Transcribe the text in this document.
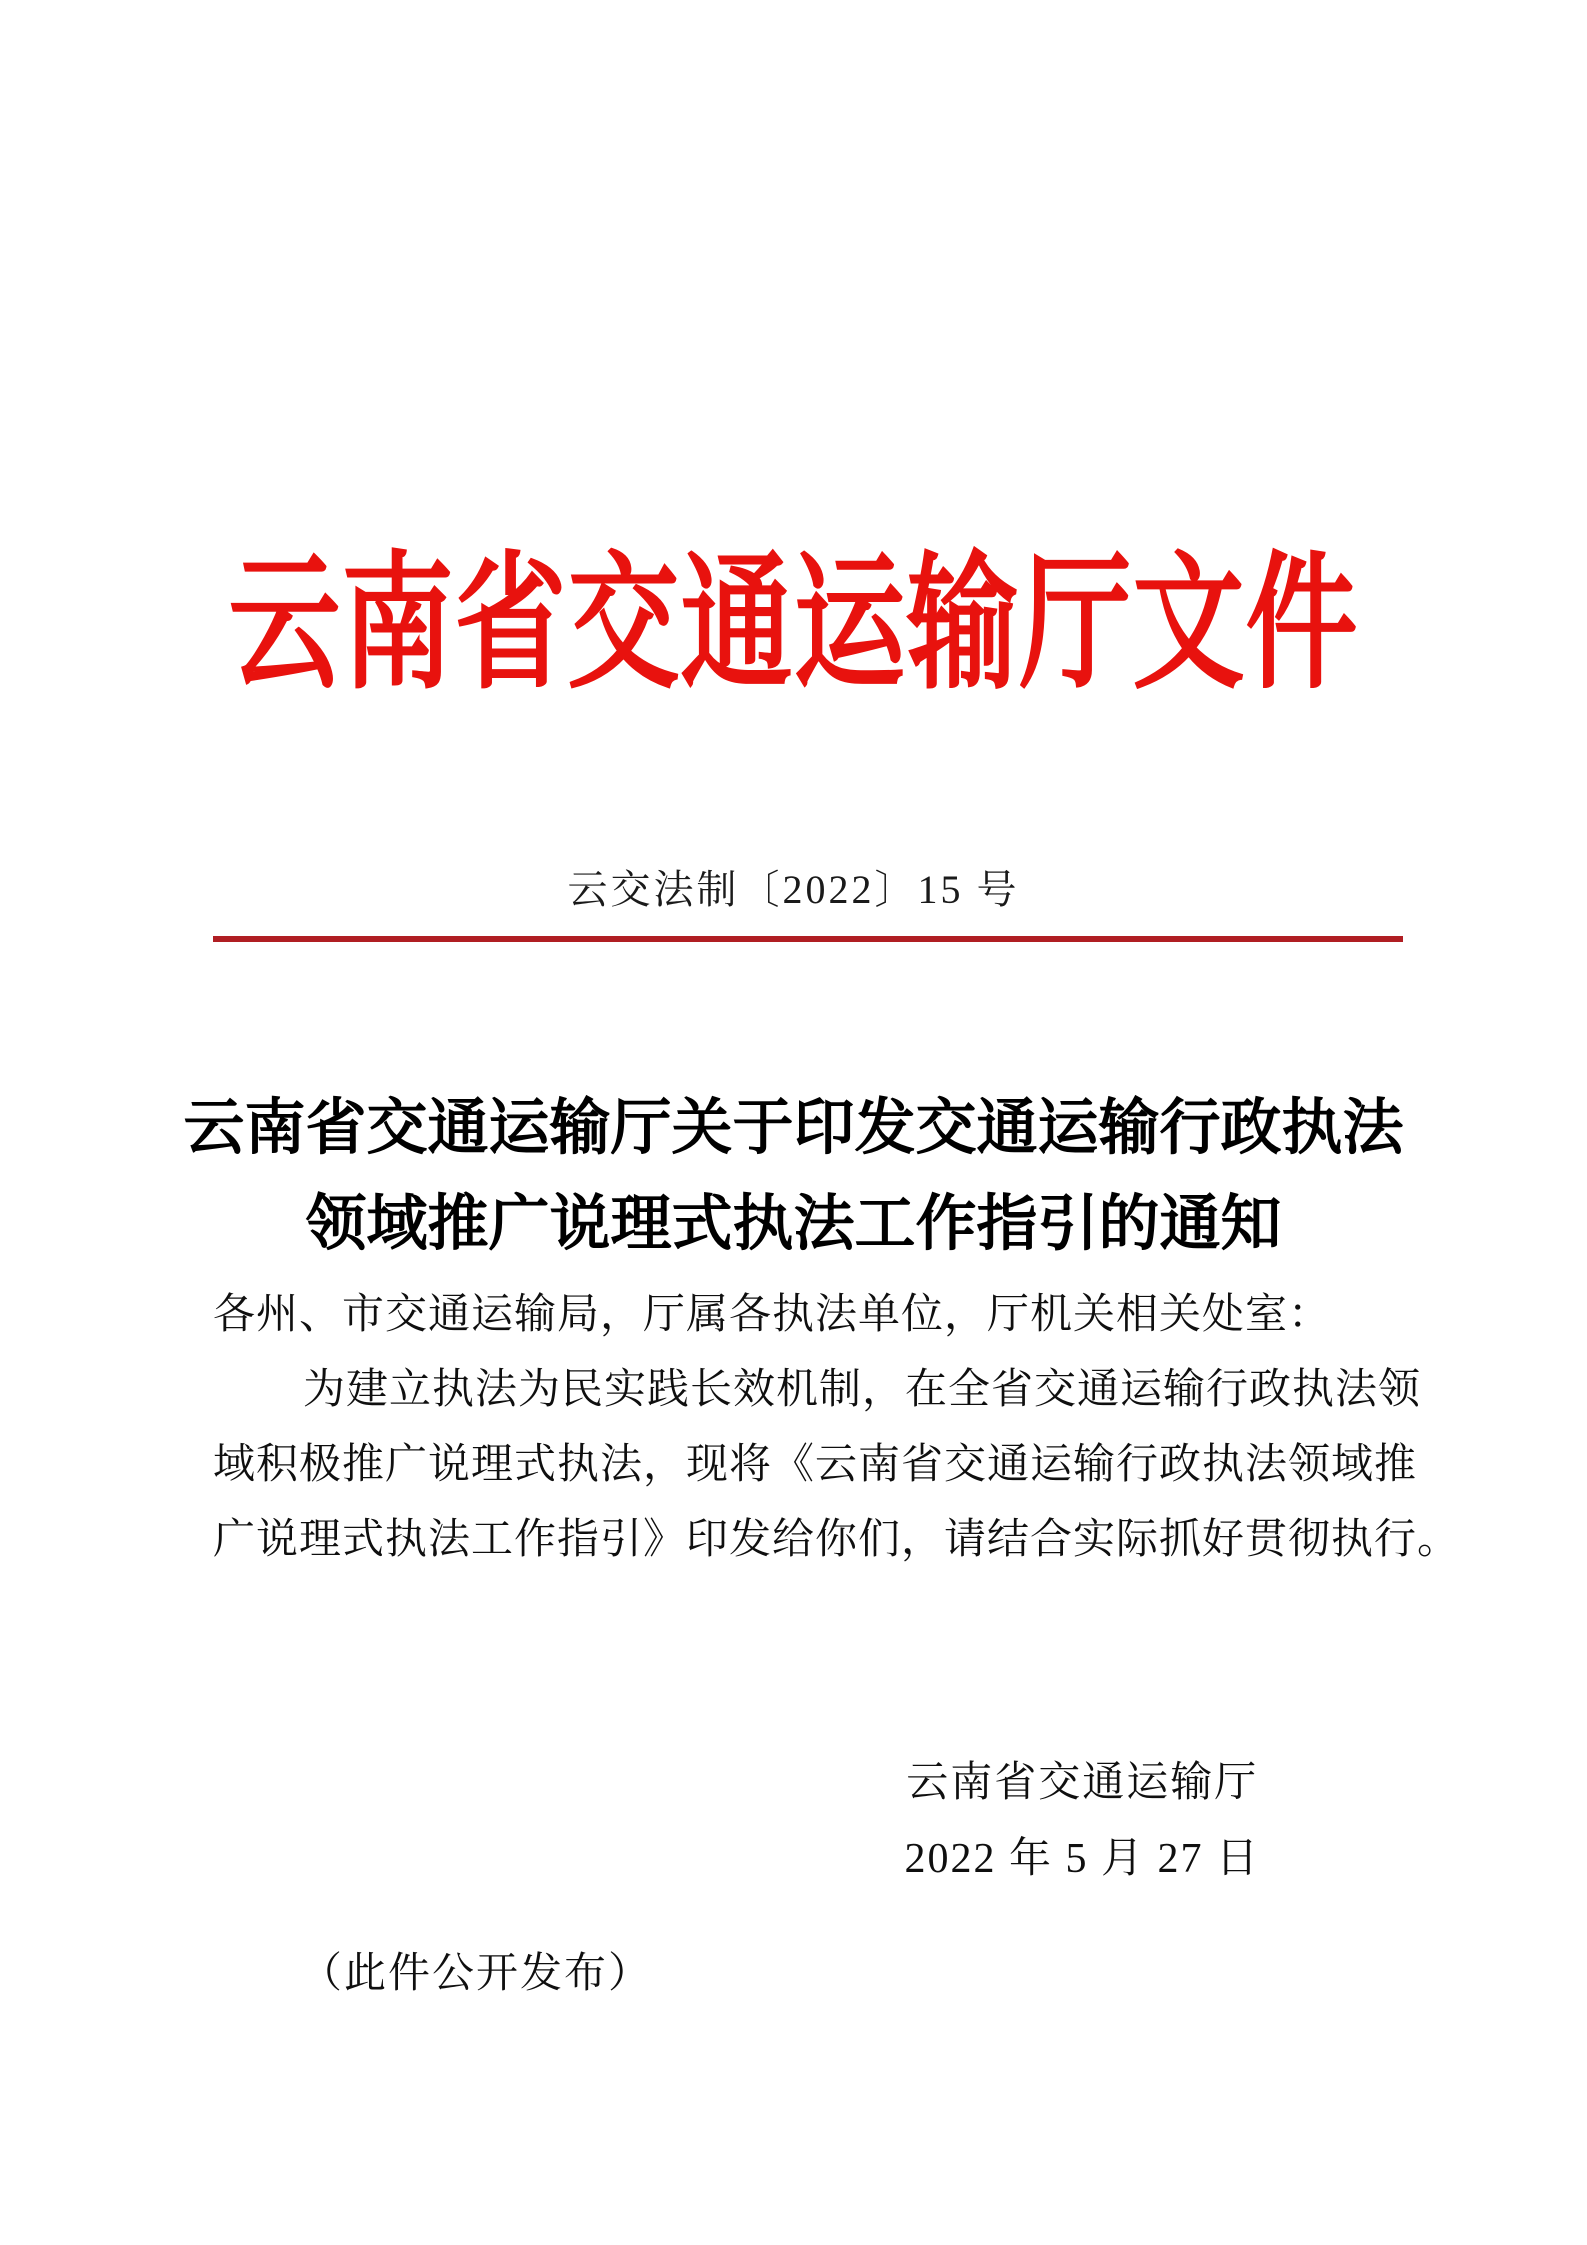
云南省交通运输厅文件
云交法制〔2022〕15 号
云南省交通运输厅关于印发交通运输行政执法
领域推广说理式执法工作指引的通知

各州、市交通运输局，厅属各执法单位，厅机关相关处室：

为建立执法为民实践长效机制，在全省交通运输行政执法领

域积极推广说理式执法，现将《云南省交通运输行政执法领域推

广说理式执法工作指引》印发给你们，请结合实际抓好贯彻执行。

云南省交通运输厅
2022 年 5 月 27 日

（此件公开发布）
